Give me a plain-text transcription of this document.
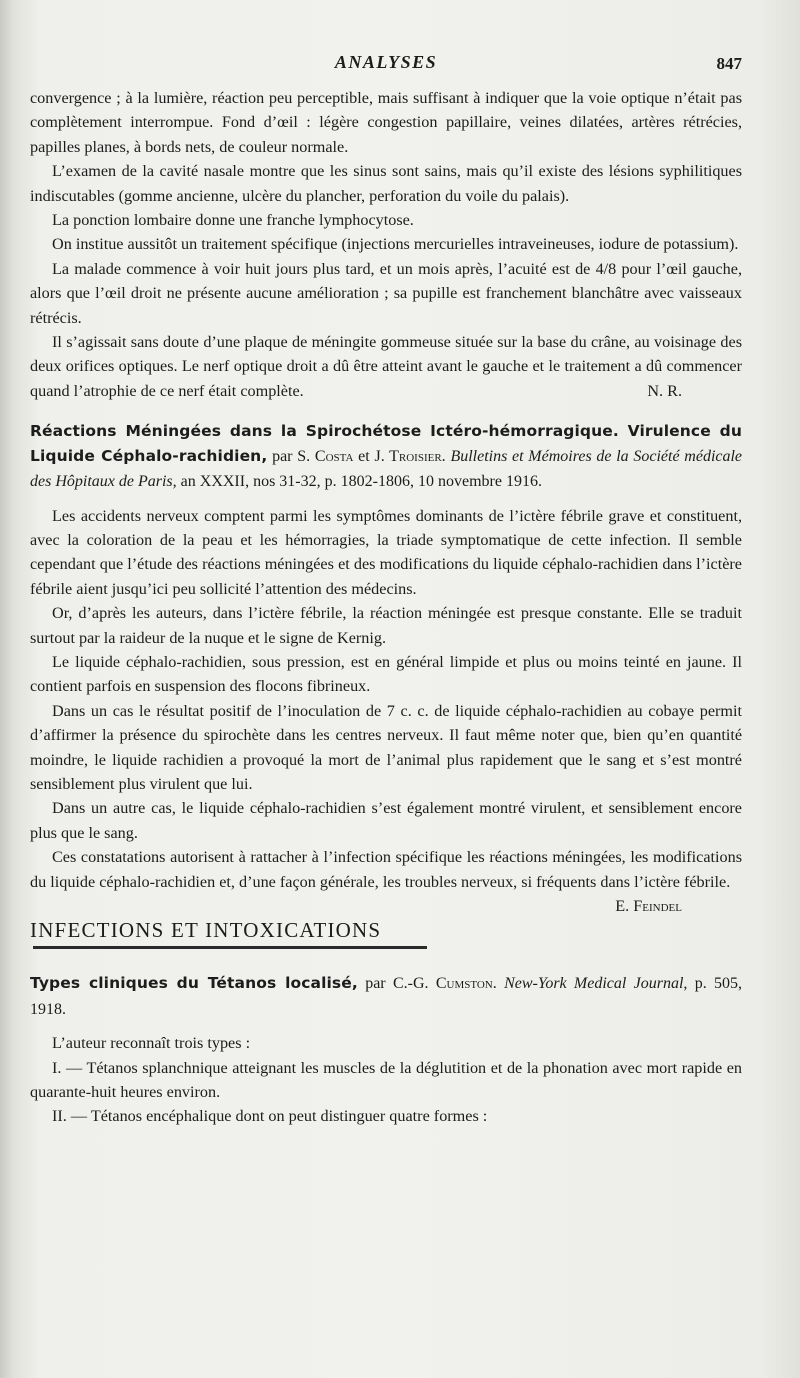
ANALYSES	847

convergence ; à la lumière, réaction peu perceptible, mais suffisant à indiquer que la voie optique n’était pas complètement interrompue. Fond d’œil : légère congestion papillaire, veines dilatées, artères rétrécies, papilles planes, à bords nets, de couleur normale.

L’examen de la cavité nasale montre que les sinus sont sains, mais qu’il existe des lésions syphilitiques indiscutables (gomme ancienne, ulcère du plancher, perforation du voile du palais).

La ponction lombaire donne une franche lymphocytose.

On institue aussitôt un traitement spécifique (injections mercurielles intraveineuses, iodure de potassium).

La malade commence à voir huit jours plus tard, et un mois après, l’acuité est de 4/8 pour l’œil gauche, alors que l’œil droit ne présente aucune amélioration ; sa pupille est franchement blanchâtre avec vaisseaux rétrécis.

Il s’agissait sans doute d’une plaque de méningite gommeuse située sur la base du crâne, au voisinage des deux orifices optiques. Le nerf optique droit a dû être atteint avant le gauche et le traitement a dû commencer quand l’atrophie de ce nerf était complète.	N. R.

Réactions Méningées dans la Spirochétose Ictéro-hémorragique. Virulence du Liquide Céphalo-rachidien, par S. Costa et J. Troisier. Bulletins et Mémoires de la Société médicale des Hôpitaux de Paris, an XXXII, nos 31-32, p. 1802-1806, 10 novembre 1916.

Les accidents nerveux comptent parmi les symptômes dominants de l’ictère fébrile grave et constituent, avec la coloration de la peau et les hémorragies, la triade symptomatique de cette infection. Il semble cependant que l’étude des réactions méningées et des modifications du liquide céphalo-rachidien dans l’ictère fébrile aient jusqu’ici peu sollicité l’attention des médecins.

Or, d’après les auteurs, dans l’ictère fébrile, la réaction méningée est presque constante. Elle se traduit surtout par la raideur de la nuque et le signe de Kernig.

Le liquide céphalo-rachidien, sous pression, est en général limpide et plus ou moins teinté en jaune. Il contient parfois en suspension des flocons fibrineux.

Dans un cas le résultat positif de l’inoculation de 7 c. c. de liquide céphalo-rachidien au cobaye permit d’affirmer la présence du spirochète dans les centres nerveux. Il faut même noter que, bien qu’en quantité moindre, le liquide rachidien a provoqué la mort de l’animal plus rapidement que le sang et s’est montré sensiblement plus virulent que lui.

Dans un autre cas, le liquide céphalo-rachidien s’est également montré virulent, et sensiblement encore plus que le sang.

Ces constatations autorisent à rattacher à l’infection spécifique les réactions méningées, les modifications du liquide céphalo-rachidien et, d’une façon générale, les troubles nerveux, si fréquents dans l’ictère fébrile.
E. Feindel

INFECTIONS ET INTOXICATIONS

Types cliniques du Tétanos localisé, par C.-G. Cumston. New-York Medical Journal, p. 505, 1918.

L’auteur reconnaît trois types :

I. — Tétanos splanchnique atteignant les muscles de la déglutition et de la phonation avec mort rapide en quarante-huit heures environ.

II. — Tétanos encéphalique dont on peut distinguer quatre formes :
